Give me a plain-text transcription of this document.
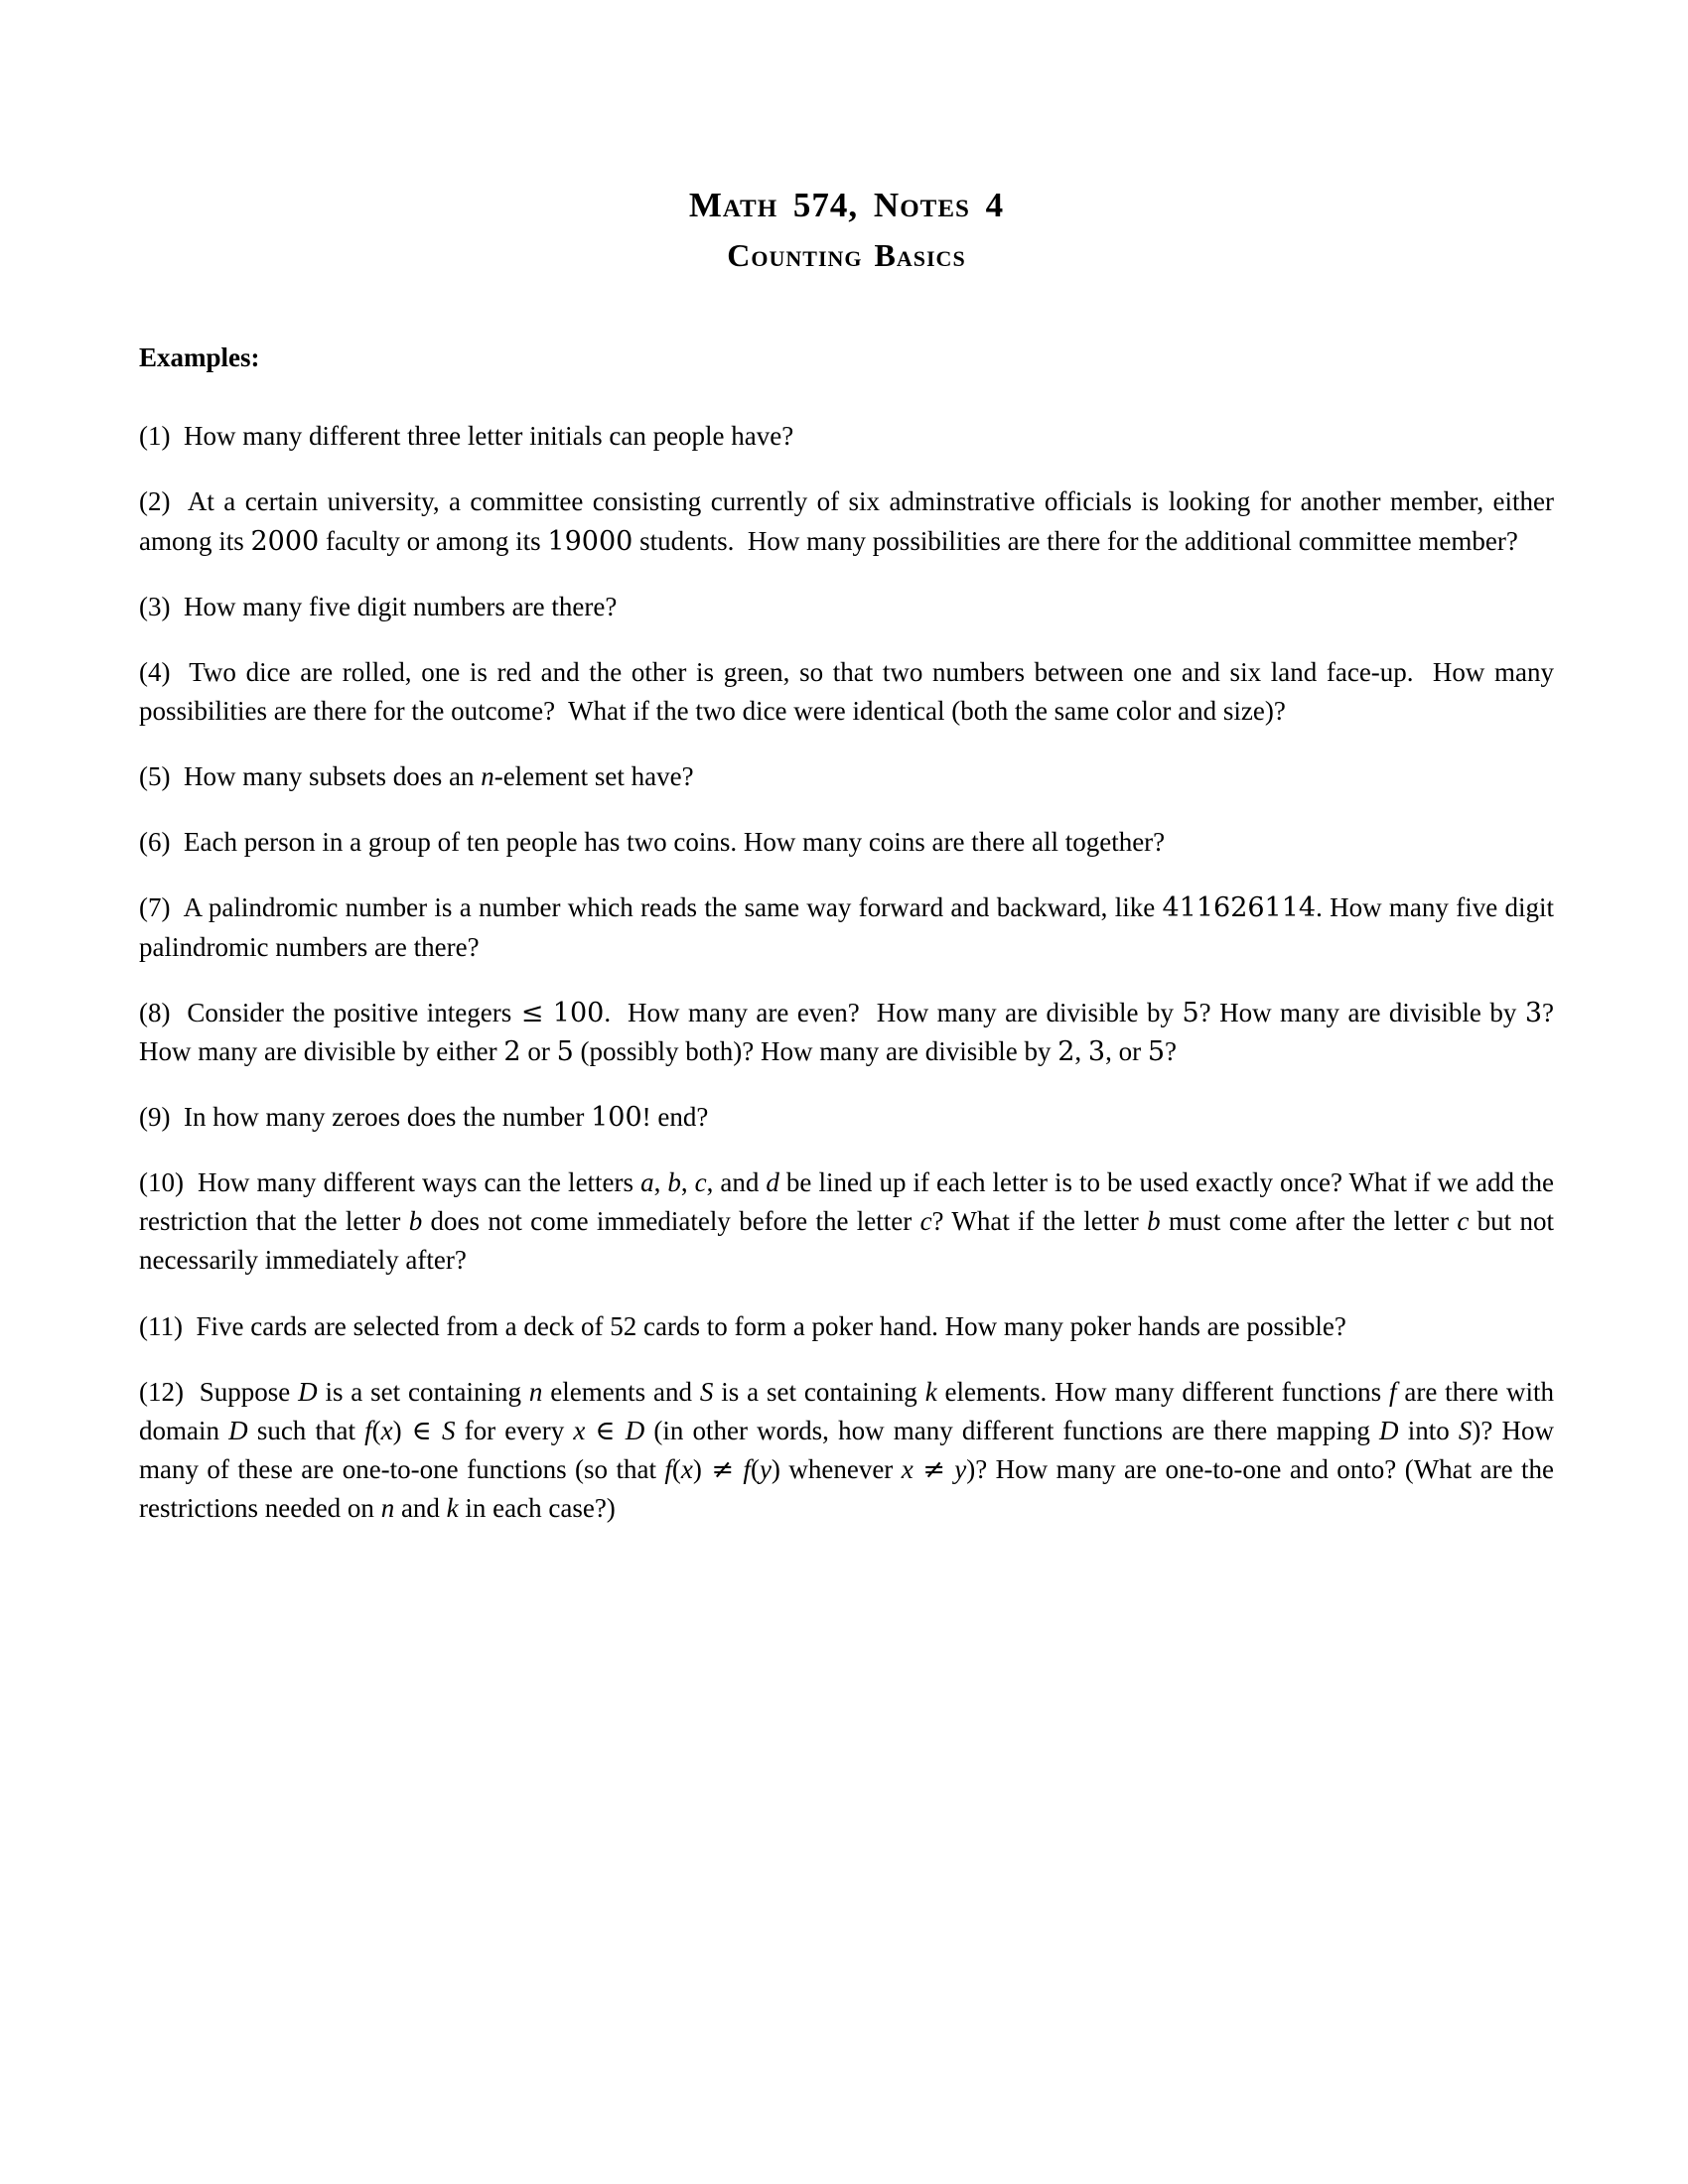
Math 574, Notes 4
Counting Basics
Examples:
(1)  How many different three letter initials can people have?
(2)  At a certain university, a committee consisting currently of six adminstrative officials is looking for another member, either among its 2000 faculty or among its 19000 students.  How many possibilities are there for the additional committee member?
(3)  How many five digit numbers are there?
(4)  Two dice are rolled, one is red and the other is green, so that two numbers between one and six land face-up.  How many possibilities are there for the outcome?  What if the two dice were identical (both the same color and size)?
(5)  How many subsets does an n-element set have?
(6)  Each person in a group of ten people has two coins. How many coins are there all together?
(7)  A palindromic number is a number which reads the same way forward and backward, like 411626114. How many five digit palindromic numbers are there?
(8)  Consider the positive integers ≤ 100.  How many are even?  How many are divisible by 5? How many are divisible by 3? How many are divisible by either 2 or 5 (possibly both)? How many are divisible by 2, 3, or 5?
(9)  In how many zeroes does the number 100! end?
(10)  How many different ways can the letters a, b, c, and d be lined up if each letter is to be used exactly once? What if we add the restriction that the letter b does not come immediately before the letter c? What if the letter b must come after the letter c but not necessarily immediately after?
(11)  Five cards are selected from a deck of 52 cards to form a poker hand. How many poker hands are possible?
(12)  Suppose D is a set containing n elements and S is a set containing k elements. How many different functions f are there with domain D such that f(x) ∈ S for every x ∈ D (in other words, how many different functions are there mapping D into S)? How many of these are one-to-one functions (so that f(x) ≠ f(y) whenever x ≠ y)? How many are one-to-one and onto? (What are the restrictions needed on n and k in each case?)
